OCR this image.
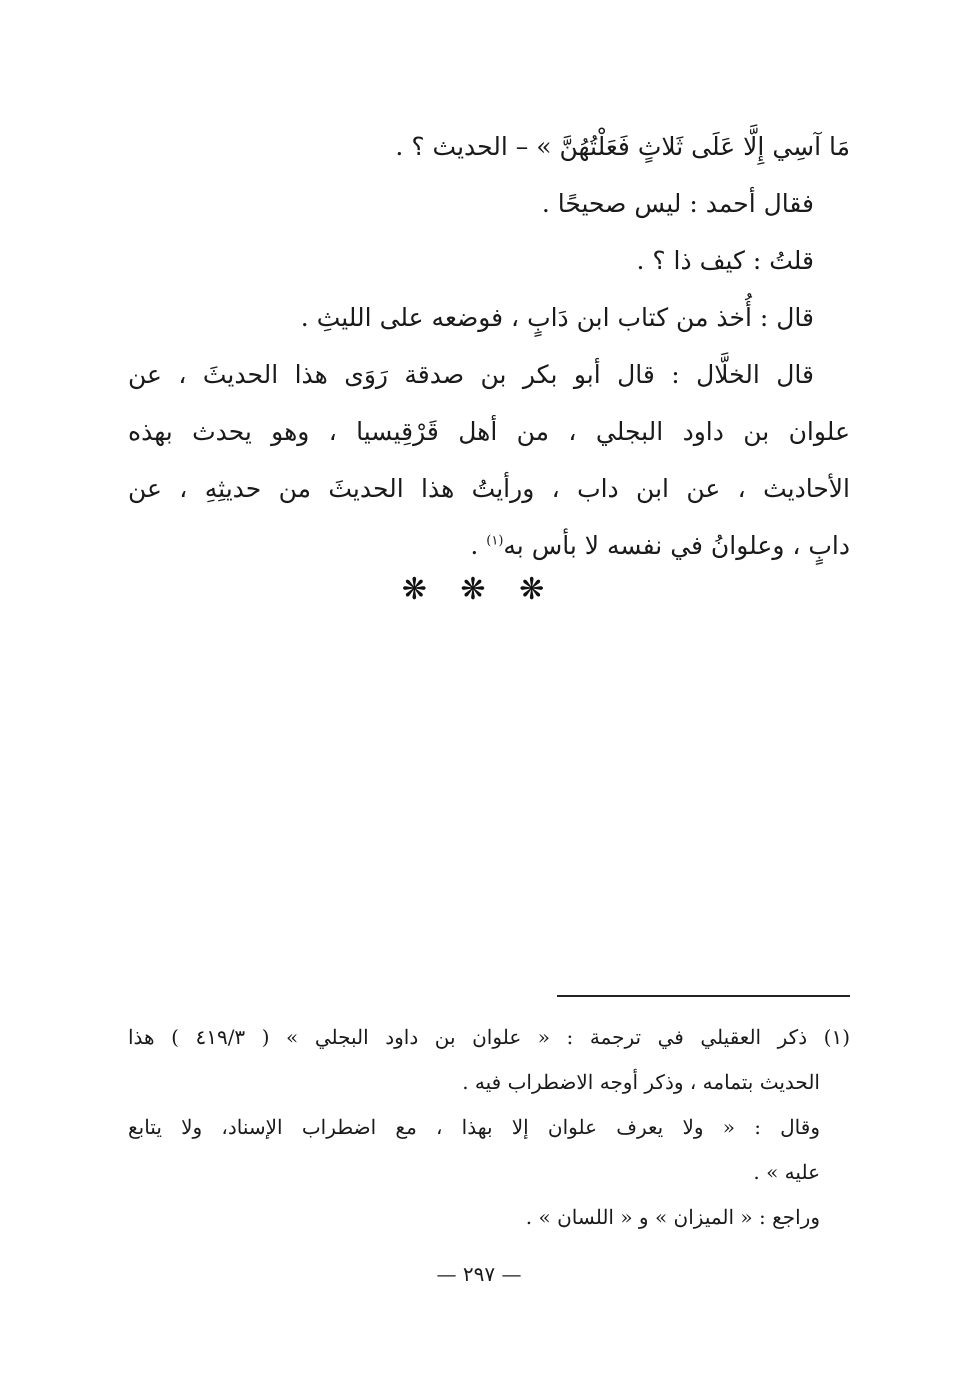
مَا آسِي إِلَّا عَلَى ثَلاثٍ فَعَلْتُهُنَّ » – الحديث ؟ .
فقال أحمد : ليس صحيحًا .
قلتُ : كيف ذا ؟ .
قال : أُخذ من كتاب ابن دَابٍ ، فوضعه على الليثِ .
قال الخلَّال : قال أبو بكر بن صدقة رَوَى هذا الحديثَ ، عن
علوان بن داود البجلي ، من أهل قَرْقِيسيا ، وهو يحدث بهذه
الأحاديث ، عن ابن داب ، ورأيتُ هذا الحديثَ من حديثِهِ ، عن
دابٍ ، وعلوانُ في نفسه لا بأس به$^{(١)}$ .
❋ ❋ ❋
(١) ذكر العقيلي في ترجمة : « علوان بن داود البجلي » ( ٤١٩/٣ ) هذا
الحديث بتمامه ، وذكر أوجه الاضطراب فيه .
وقال : « ولا يعرف علوان إلا بهذا ، مع اضطراب الإسناد، ولا يتابع
عليه » .
وراجع : « الميزان » و « اللسان » .
— ٢٩٧ —
